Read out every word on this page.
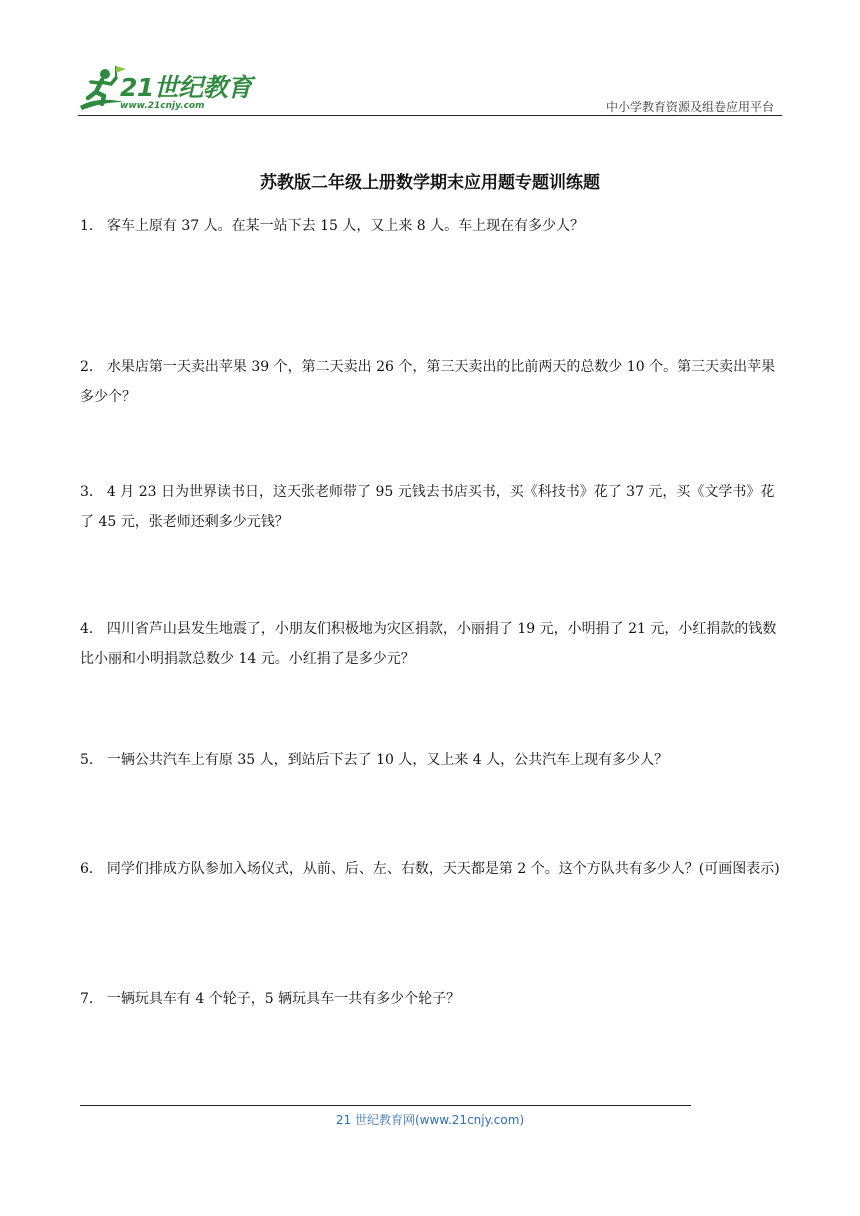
21世纪教育
www.21cnjy.com	中小学教育资源及组卷应用平台
苏教版二年级上册数学期末应用题专题训练题
1． 客车上原有 37 人。在某一站下去 15 人，又上来 8 人。车上现在有多少人？
2． 水果店第一天卖出苹果 39 个，第二天卖出 26 个，第三天卖出的比前两天的总数少 10 个。第三天卖出苹果多少个？
3． 4 月 23 日为世界读书日，这天张老师带了 95 元钱去书店买书，买《科技书》花了 37 元，买《文学书》花了 45 元，张老师还剩多少元钱？
4． 四川省芦山县发生地震了，小朋友们积极地为灾区捐款，小丽捐了 19 元，小明捐了 21 元，小红捐款的钱数比小丽和小明捐款总数少 14 元。小红捐了是多少元？
5． 一辆公共汽车上有原 35 人，到站后下去了 10 人，又上来 4 人，公共汽车上现有多少人？
6． 同学们排成方队参加入场仪式，从前、后、左、右数，天天都是第 2 个。这个方队共有多少人？(可画图表示)
7． 一辆玩具车有 4 个轮子，5 辆玩具车一共有多少个轮子？
21 世纪教育网(www.21cnjy.com)
